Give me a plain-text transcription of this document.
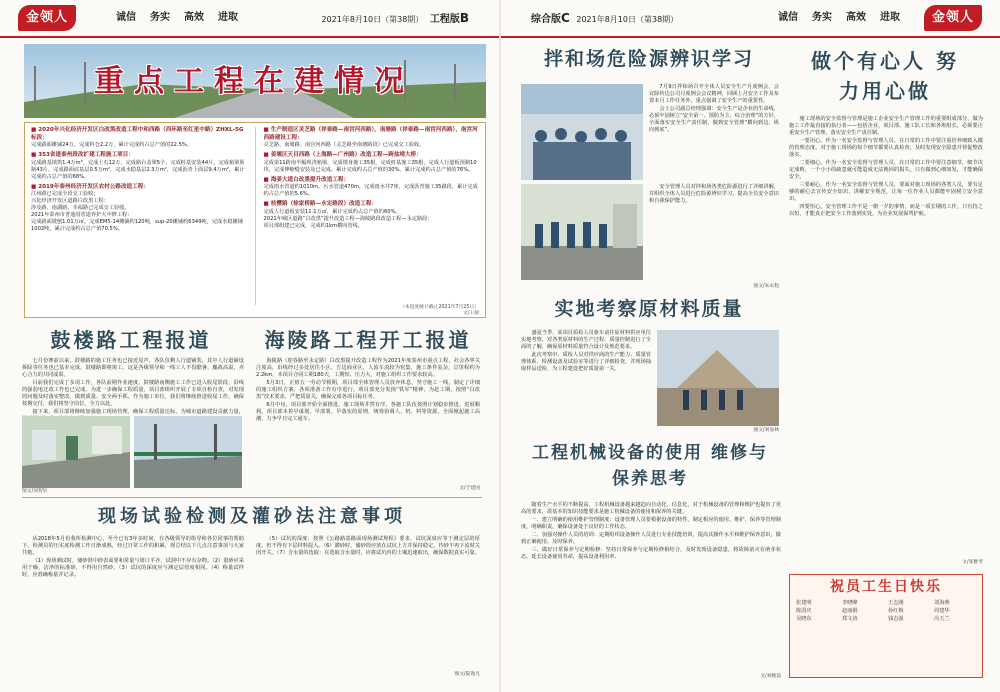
金领人	诚信 务实 高效 进取	2021年8月10日（第38期） 工程版B
重点工程在建情况
■ 2020年兴化经济开发区白改黑改造工程中和西路（西环路至红星中路）ZHXL-5G标段：
完成路面摊铺24万，完成料仓2.2万，累计完成约占总产值的22.5%。
■ 353省道泰州段改扩建工程施工项目：
完成路基填筑1.4万m³，完成土石12万，完成路台盖梁5个，完成桩基安装44片，完成箱梁预制43片，完成路面底基层0.5万m²，完成水稳基层2.3万m²，完成沥青上面层9.4万m²，累计完成约占总产值的68%。
■ 2019年泰州经济开发区农村公路改造工程：
江州路已完成全段交工验收；
兴化经济开发区道路白改黑工程：
涉及路、南湖路、幸福路已完成交工验收。
2021年泰州市普通国省道养护大中修工程：
完成路面铣刨1.01万㎡，完成EM5-14摊铺约120吨，sup-20摊铺约6349吨，完成水稳摊铺1002吨，累计完成约占总产值70.5%。
■ 生产制造区灵芝路（祥泰路—南宫河西路），南塘路（祥泰路—南宫河西路），南宫河西路建设工程：
灵芝路、南塘路、南宫河西路（灵芝路至南塘路段）已完成交工验收。
■ 姜堰区天目西路（上海路—广州路）改造工程—跨盐靖大桥：
完成第11跨南半幅现浇箱梁，完成墩身施工35根，完成桩基施工35根，完成人行道板预制10块，完成伸缩缝安装及已完成，累计完成约占总产值的30%。累计完成约占总产值的76%。
■ 海姜大道白改黑提升改造工程：
完成雨水管道约1010m，污水管道470m，完成雨水井7座，完成沥青施工35路段，累计完成约占总产值的5.6%。
■ 枝樱路（徐家桥路—永定路段）改造工程：
完成人行道板安装11.1万㎡，累计完成约占总产值的60%。
2021年城区道路“白改黑”提升改造工程—海陵路段改造工程—永定路段：
项目部组建已完成，完成约1km横向管线。
（本进度统计截止2021年7月25日）
文/王骏
鼓楼路工程报道	海陵路工程开工报道

七月份赛前以来，鼓楼路的施工任务也已接近尾声，各队仅剩人行道铺装，其中人行道铺设拆除等任务也已基本完成，鼓楼路即将竣工。这是各级领导和一线工人不畏酷暑、鏖战高温，齐心合力的共同成果。

目前我们完成了多项工作，各队前期作业速度，鼓楼路南侧施工工作已进入收尾阶段，沿线的强弱电迁改工作也已完成。为进一步确保工程质量，项目部组织开展了专项自检自查，对发现的问题及时落实整改，做到质量、安全两手抓。作为施工单位，我们将继续推进收尾工作，确保按期交付，我们将坚守岗位，全力以赴。

接下来，项目部将继续加强施工现场管理，确保工程质量达标，为城市道路建设贡献力量，

图文/刘智轩

海陵路（迎春路至永定路）白改黑提升改造工程作为2021年度泰州市重点工程，社会各界关注度高，沿线经过多处居住小区、方边商业区，人流车流较为密集，施工条件复杂，总里程约为2.2km，本项目合同工期180天，工期短、压力大，对施工组织工作要求较高。

5月3日，正值五一劳动节假期，项目部全体管理人员放弃休息，坚守施工一线，制定了详细的施工组织方案，各项准备工作有序进行。项目部充分发扬“铁军”精神，为赶工期，按照“白改黑”技术要求，严把质量关，确保完成各项目标任务。

6月中旬，项目部开始全面推进，施工现场井然有序，各施工队伍按照计划稳步推进，进展顺利。项目部本着早谋划、早部署、早落实的原则，统筹协调人、机、料等资源，全面掀起施工高潮，力争早日完工通车。

文/于建国
现场试验检测及灌砂法注意事项

从2018年5月份我所检测中心，至今已有3年多时间，在各级领导的指导和各位同事的帮助下，检测员的压实度检测工作日渐成熟，经过日常工作的积累，现总结以下几点注意事项与大家共勉。

（1）现场测试时，储砂筒中砂表面要和常量与筒口平齐，试洞中不应有杂物。（2）量砂应采用干燥、洁净的标准砂，不得用自然砂。（3）试坑的深度应与测定层厚度相同。（4）称量试样时，应准确称量并记录。

（5）试坑的深度：按照《公路路基路面现场测试规程》要求，试坑深度应等于测定层的厚度，但不得有下层材料混入。（6）灌砂时，储砂筒应放在试坑上方并保持稳定，待砂不再下流时关闭开关。（7）含水量的选取：在选取含水量时，应将试坑内的土壤迅速取出，确保数据真实可靠。

图文/陆逸凡
综合版C 2021年8月10日（第38期）	诚信 务实 高效 进取	金领人
拌和场危险源辨识学习

7月9日拌和场召开全体人员安全生产月度例会，会议除传达公司月度例会会议精神，回顾上月安全工作及布置本月工作任务外，重点强调了安全生产的重要性。

会上公司副总经理强调：安全生产是企业的生命线，必须牢固树立“安全第一、预防为主、综合治理”的方针，全面落实安全生产责任制，做到安全管理“横向到边、纵向到底”。

安全管理人员对拌和场各类危险源进行了详细讲解，并组织全体人员进行危险源辨识学习，提高全员安全意识和自我保护能力。

图文/朱永程
做个有心人 努力用心做

施工现场的安全监督与管理是施工企业安全生产管理工作的重要组成部分，做为施工工作最直接的执行者——包括企业、项目部、施工队工长和各班组长，必须要注重安全生产管理，落实安全生产责任制。

一要用心。作为一名安全监督与管理人员，在日常的工作中要注重培养细致入微的管理态度，对于施工现场的每个细节都要认真检查，及时发现安全隐患并督促整改落实。

二要细心。作为一名安全监督与管理人员，在日常的工作中要注意细节，细节决定成败，一个小小的疏忽就可能造成无法挽回的损失，只有做到心细如发，才能确保安全。

三要耐心。作为一名安全监督与管理人员，要面对施工现场的各类人员，要有足够的耐心去宣传安全知识、讲解安全规范，让每一位作业人员都能牢固树立安全意识。

四要恒心。安全管理工作不是一朝一夕的事情，而是一项长期的工作，只有持之以恒，才能真正把安全工作落到实处，为企业发展保驾护航。

文/张雅琴
实地考察原材料质量

盛夏当季，某项目质检人员驱车前往原材料供应单位实地考察，对各类原材料的生产过程、质量控制进行了全面的了解，确保原材料质量符合设计及规范要求。

此次考察中，质检人员对供应商的生产能力、质量管理体系、检测设备及试验室等进行了详细检查，并现场抽取样品送检，为工程建设把好质量第一关。

图文/刘加林
工程机械设备的使用 维修与保养思考

随着生产水平的不断提高，工程机械设备越来越趋向自动化、信息化，对于机械设备的管理和维护也提出了更高的要求，故基本的知识技能要求是施工机械设备的使用和保养的关键。

一、建立明确的使用维护管理制度：设备管理人员要根据设备的特性，制定相应的使用、维护、保养等管理制度，明确职责，确保设备处于良好的工作状态。

二、加强对操作人员的培训：定期组织设备操作人员进行专业技能培训，提高其操作水平和维护保养意识，做到正确使用、及时保养。

三、做好日常保养与定期检修：坚持日常保养与定期检修相结合，及时发现设备隐患，将故障消灭在萌芽状态，延长设备使用寿命，提高设备利用率。

文/刘婉茹
祝员工生日快乐
张建明	李晓峰	王志刚	刘海燕
陈国庆	赵丽娟	孙红梅	周建华
吴晓东	郑文涛	钱志强	冯玉兰
